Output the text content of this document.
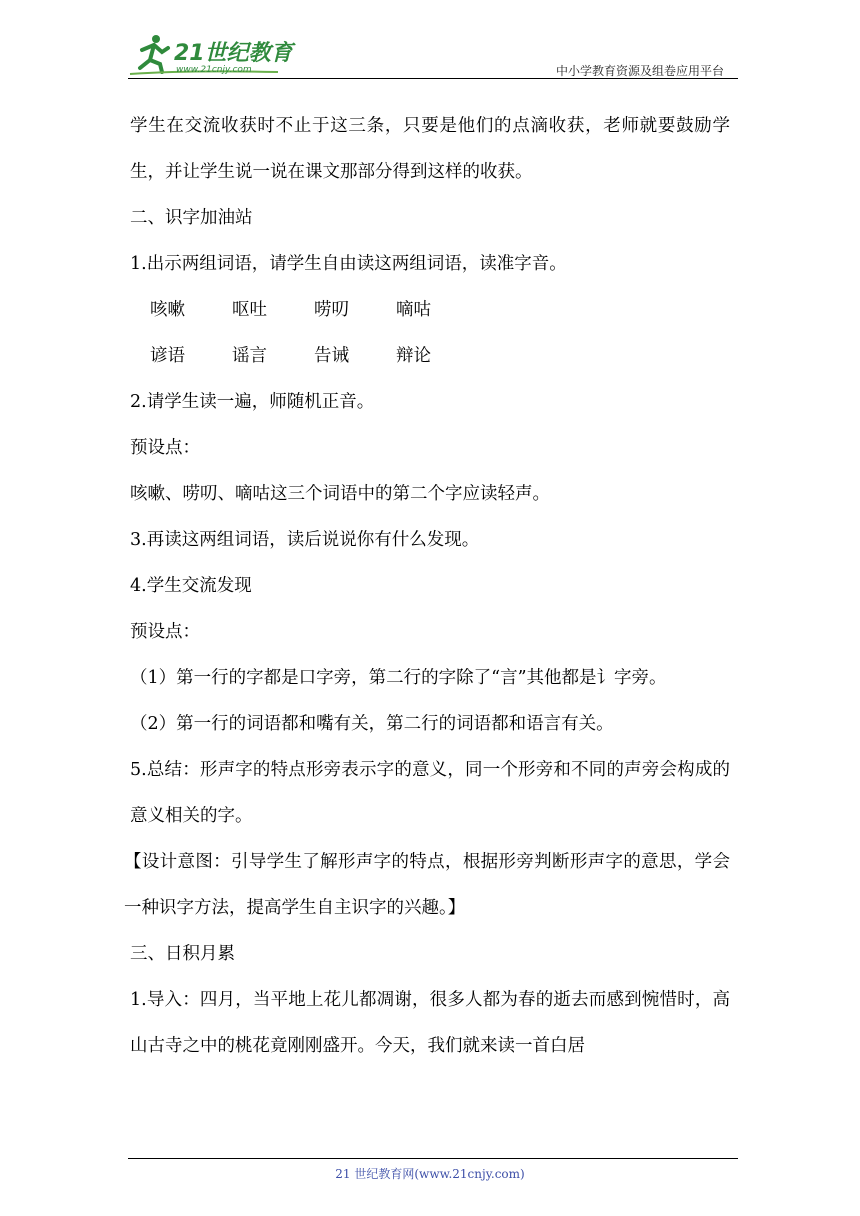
21世纪教育
www.21cnjy.com	中小学教育资源及组卷应用平台

学生在交流收获时不止于这三条，只要是他们的点滴收获，老师就要鼓励学生，并让学生说一说在课文那部分得到这样的收获。

二、识字加油站

1.出示两组词语，请学生自由读这两组词语，读准字音。

咳嗽	呕吐	唠叨	嘀咕
谚语	谣言	告诫	辩论

2.请学生读一遍，师随机正音。

预设点：

咳嗽、唠叨、嘀咕这三个词语中的第二个字应读轻声。

3.再读这两组词语，读后说说你有什么发现。

4.学生交流发现

预设点：

（1）第一行的字都是口字旁，第二行的字除了“言”其他都是讠字旁。

（2）第一行的词语都和嘴有关，第二行的词语都和语言有关。

5.总结：形声字的特点形旁表示字的意义，同一个形旁和不同的声旁会构成的意义相关的字。

【设计意图：引导学生了解形声字的特点，根据形旁判断形声字的意思，学会一种识字方法，提高学生自主识字的兴趣。】

三、日积月累

1.导入：四月，当平地上花儿都凋谢，很多人都为春的逝去而感到惋惜时，高山古寺之中的桃花竟刚刚盛开。今天，我们就来读一首白居

21 世纪教育网(www.21cnjy.com)
